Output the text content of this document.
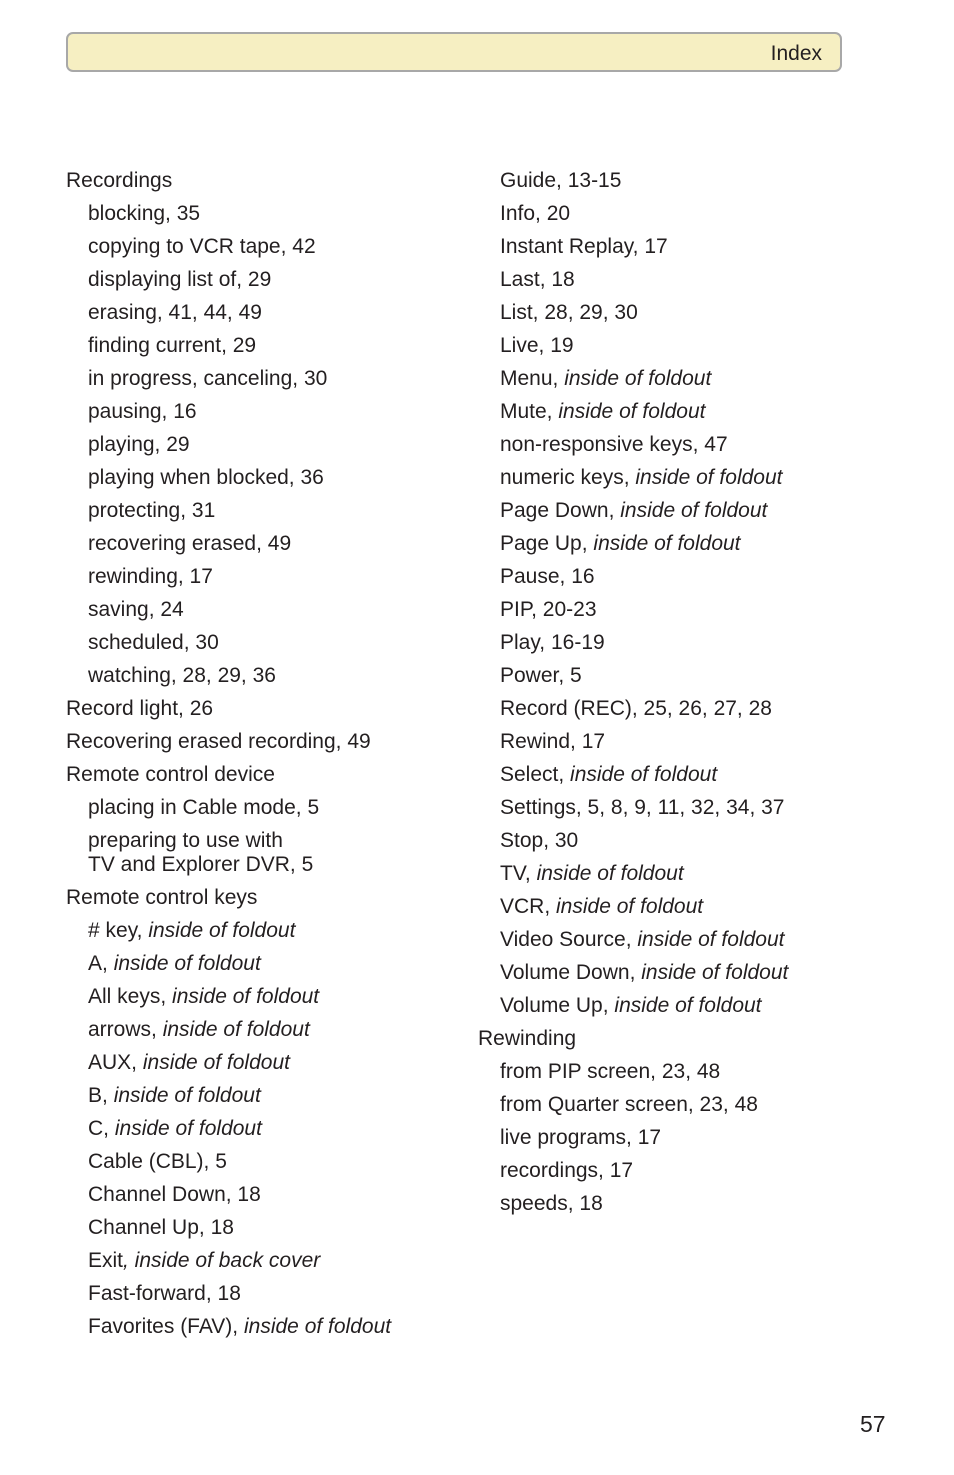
Index
Recordings
blocking, 35
copying to VCR tape, 42
displaying list of, 29
erasing, 41, 44, 49
finding current, 29
in progress, canceling, 30
pausing, 16
playing, 29
playing when blocked, 36
protecting, 31
recovering erased, 49
rewinding, 17
saving, 24
scheduled, 30
watching, 28, 29, 36
Record light, 26
Recovering erased recording, 49
Remote control device
placing in Cable mode, 5
preparing to use with
TV and Explorer DVR, 5
Remote control keys
# key, inside of foldout
A, inside of foldout
All keys, inside of foldout
arrows, inside of foldout
AUX, inside of foldout
B, inside of foldout
C, inside of foldout
Cable (CBL), 5
Channel Down, 18
Channel Up, 18
Exit, inside of back cover
Fast-forward, 18
Favorites (FAV), inside of foldout
Guide, 13-15
Info, 20
Instant Replay, 17
Last, 18
List, 28, 29, 30
Live, 19
Menu, inside of foldout
Mute, inside of foldout
non-responsive keys, 47
numeric keys, inside of foldout
Page Down, inside of foldout
Page Up, inside of foldout
Pause, 16
PIP, 20-23
Play, 16-19
Power, 5
Record (REC), 25, 26, 27, 28
Rewind, 17
Select, inside of foldout
Settings, 5, 8, 9, 11, 32, 34, 37
Stop, 30
TV, inside of foldout
VCR, inside of foldout
Video Source, inside of foldout
Volume Down, inside of foldout
Volume Up, inside of foldout
Rewinding
from PIP screen, 23, 48
from Quarter screen, 23, 48
live programs, 17
recordings, 17
speeds, 18
57
